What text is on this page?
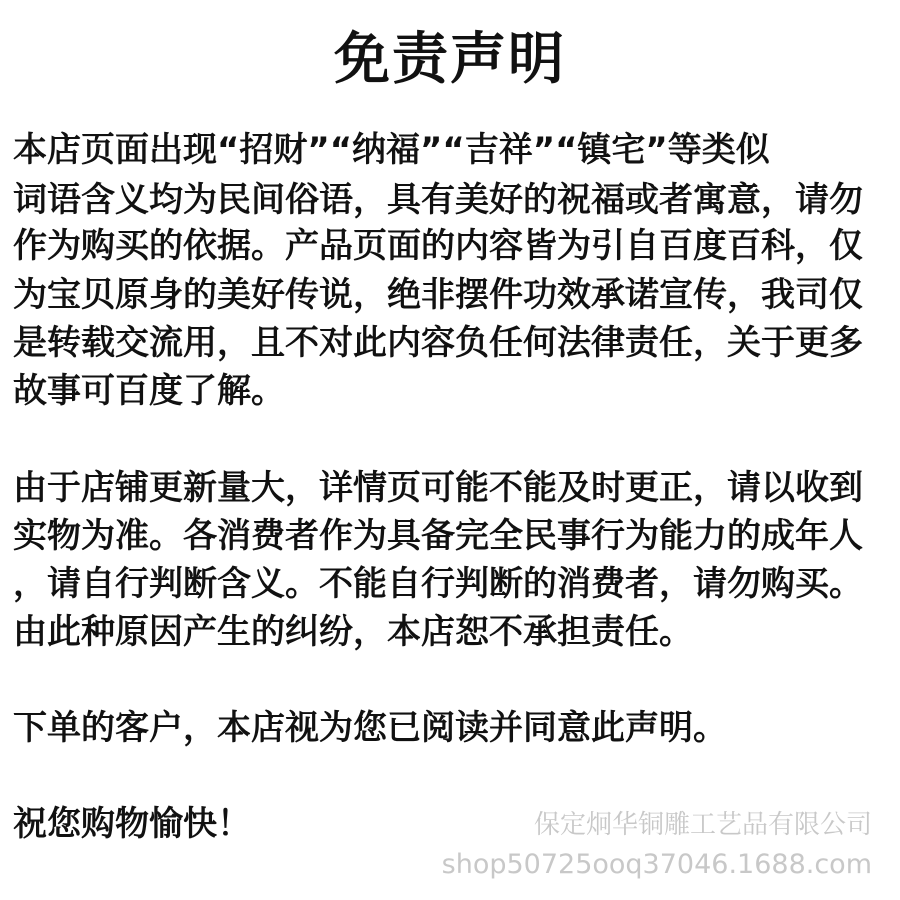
免责声明
本店页面出现“招财”“纳福”“吉祥”“镇宅”等类似
词语含义均为民间俗语，具有美好的祝福或者寓意，请勿
作为购买的依据。产品页面的内容皆为引自百度百科，仅
为宝贝原身的美好传说，绝非摆件功效承诺宣传，我司仅
是转载交流用，且不对此内容负任何法律责任，关于更多
故事可百度了解。
由于店铺更新量大，详情页可能不能及时更正，请以收到
实物为准。各消费者作为具备完全民事行为能力的成年人
，请自行判断含义。不能自行判断的消费者，请勿购买。
由此种原因产生的纠纷，本店恕不承担责任。
下单的客户，本店视为您已阅读并同意此声明。
祝您购物愉快！	保定炯华铜雕工艺品有限公司
shop50725ooq37046.1688.com
